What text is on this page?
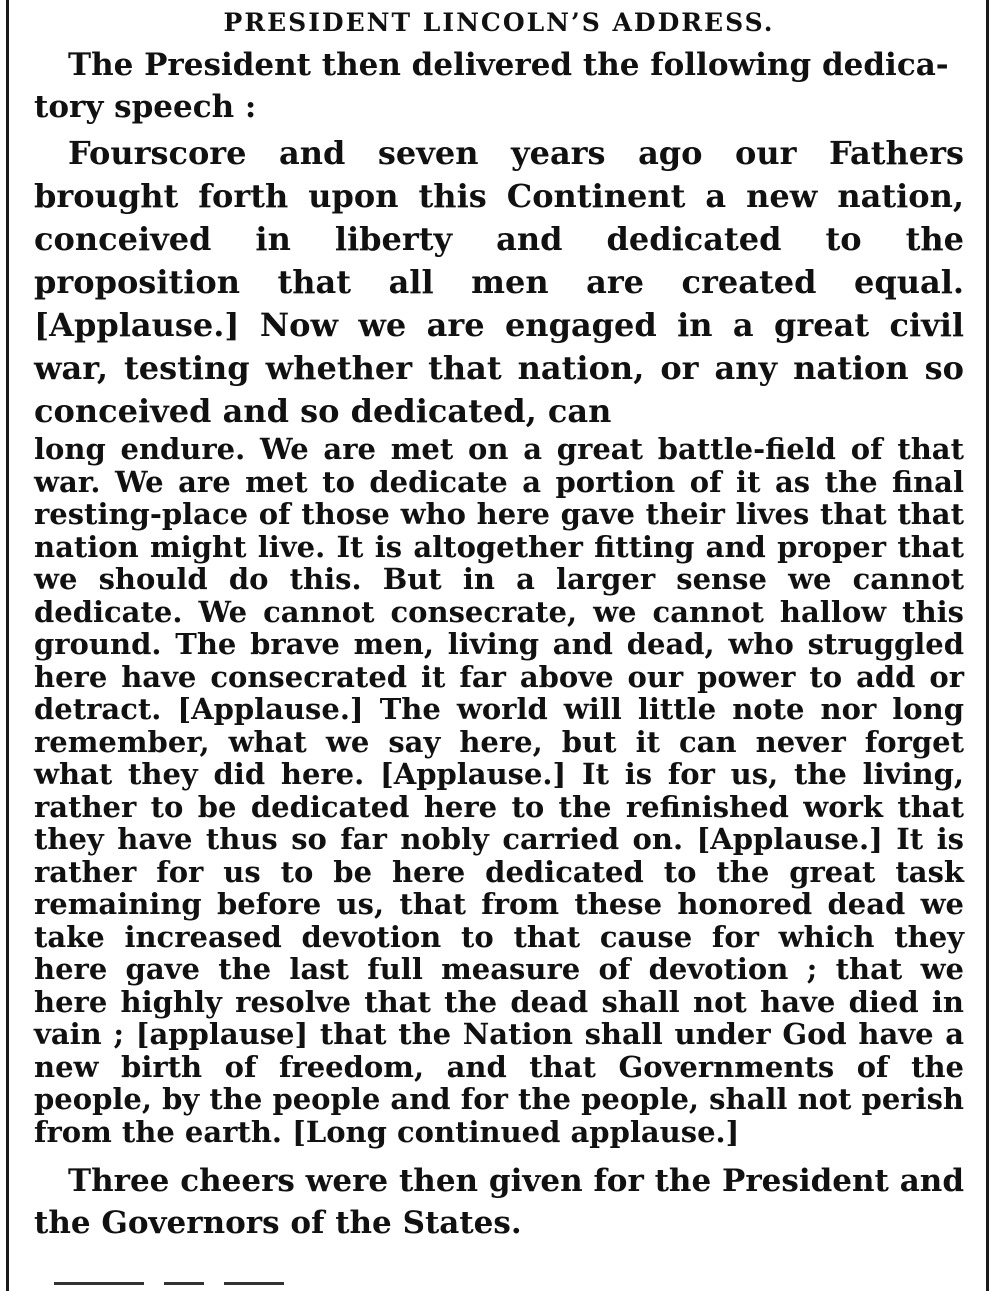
PRESIDENT LINCOLN’S ADDRESS.

The President then delivered the following dedica-
tory speech :

Fourscore and seven years ago our Fathers brought forth upon this Continent a new nation, conceived in liberty and dedicated to the proposition that all men are created equal. [Applause.] Now we are engaged in a great civil war, testing whether that nation, or any nation so conceived and so dedicated, can
long endure. We are met on a great battle-field of that war. We are met to dedicate a portion of it as the final resting-place of those who here gave their lives that that nation might live. It is altogether fitting and proper that we should do this. But in a larger sense we cannot dedicate. We cannot consecrate, we cannot hallow this ground. The brave men, living and dead, who struggled here have consecrated it far above our power to add or detract. [Applause.] The world will little note nor long remember, what we say here, but it can never forget what they did here. [Applause.] It is for us, the living, rather to be dedicated here to the refinished work that they have thus so far nobly carried on. [Applause.] It is rather for us to be here dedicated to the great task remaining before us, that from these honored dead we take increased devotion to that cause for which they here gave the last full measure of devotion ; that we here highly resolve that the dead shall not have died in vain ; [applause] that the Nation shall under God have a new birth of freedom, and that Governments of the people, by the people and for the people, shall not perish from the earth. [Long continued applause.]
Three cheers were then given for the President and the Governors of the States.
